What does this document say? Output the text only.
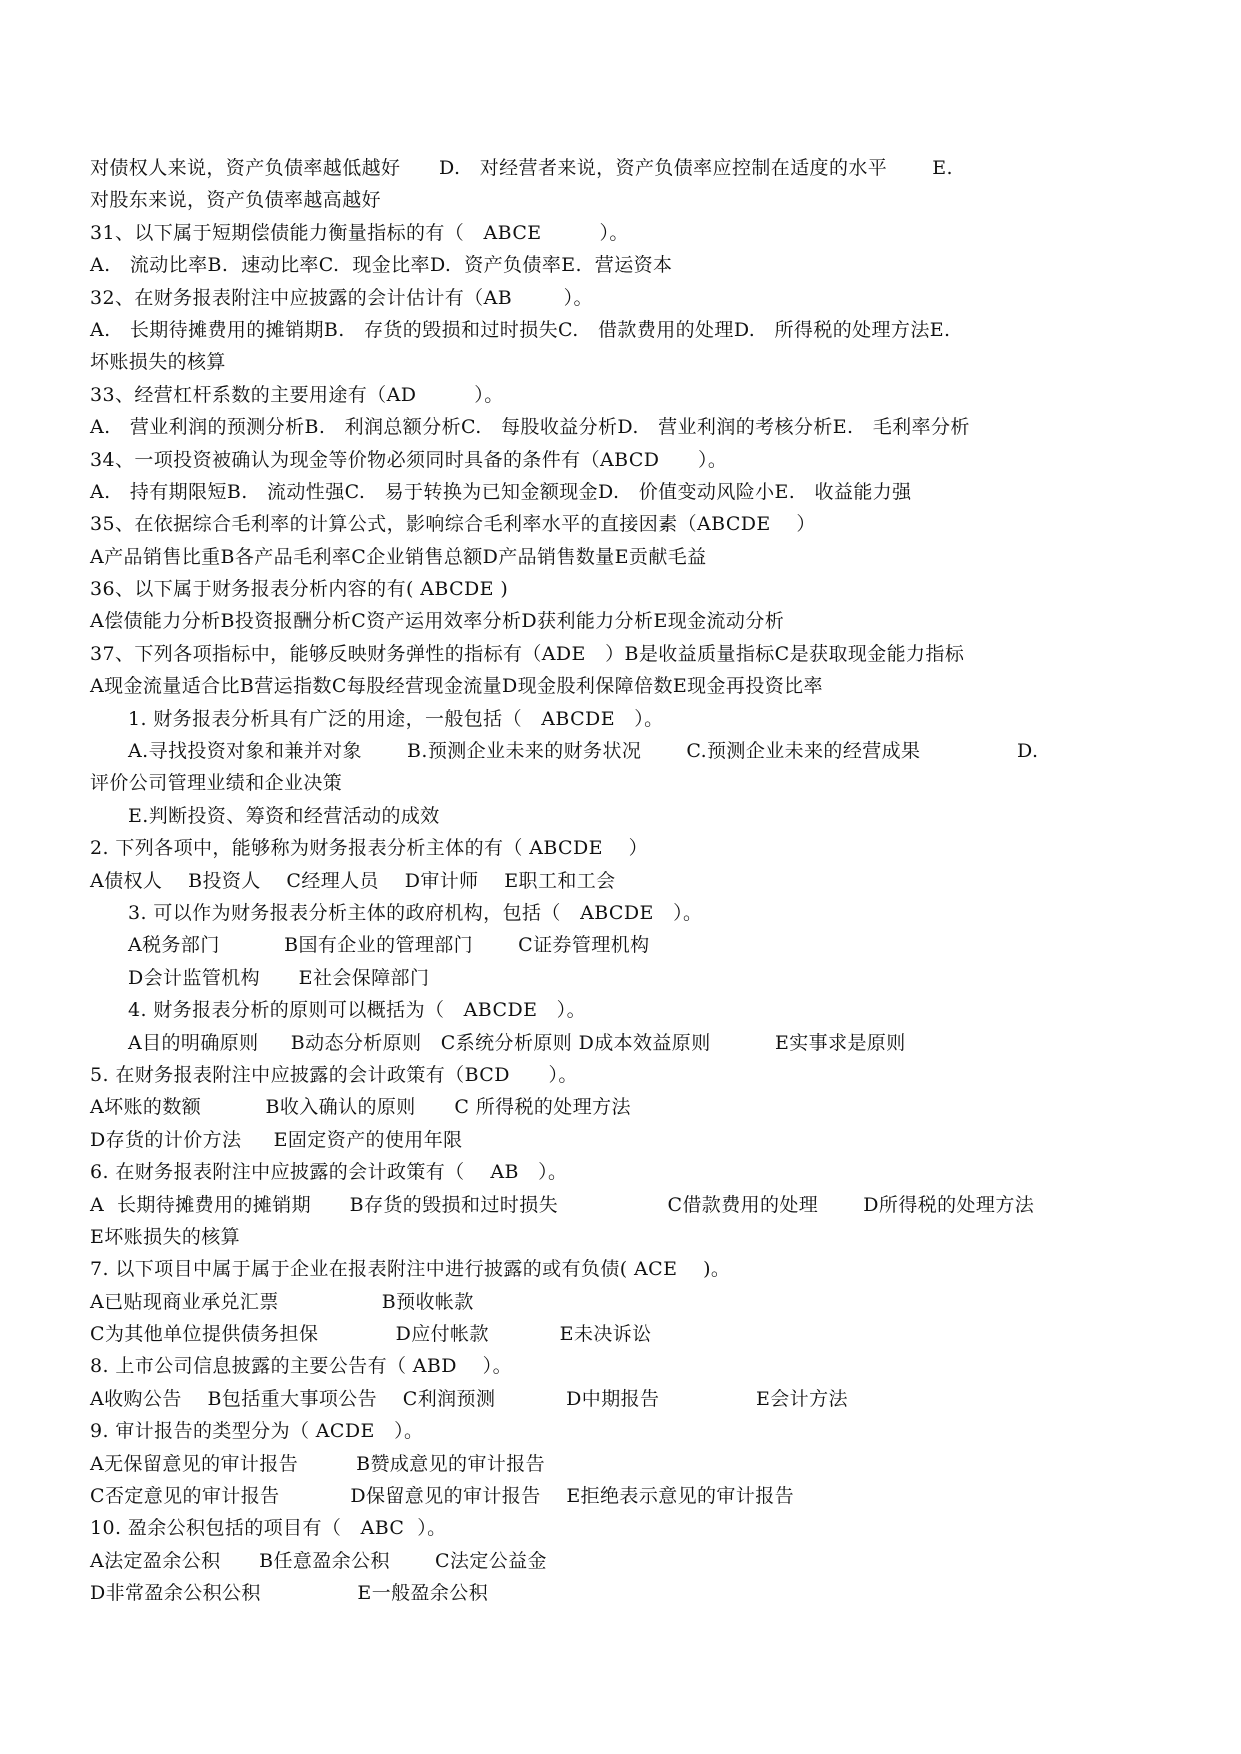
对债权人来说，资产负债率越低越好      D.   对经营者来说，资产负债率应控制在适度的水平       E.
对股东来说，资产负债率越高越好
31、以下属于短期偿债能力衡量指标的有（   ABCE         ）。
A.   流动比率B.  速动比率C.  现金比率D.  资产负债率E.  营运资本
32、在财务报表附注中应披露的会计估计有（AB        ）。
A.   长期待摊费用的摊销期B.   存货的毁损和过时损失C.   借款费用的处理D.   所得税的处理方法E.
坏账损失的核算
33、经营杠杆系数的主要用途有（AD         ）。
A.   营业利润的预测分析B.   利润总额分析C.   每股收益分析D.   营业利润的考核分析E.   毛利率分析
34、一项投资被确认为现金等价物必须同时具备的条件有（ABCD      ）。
A.   持有期限短B.   流动性强C.   易于转换为已知金额现金D.   价值变动风险小E.   收益能力强
35、在依据综合毛利率的计算公式，影响综合毛利率水平的直接因素（ABCDE    ）
A产品销售比重B各产品毛利率C企业销售总额D产品销售数量E贡献毛益
36、以下属于财务报表分析内容的有( ABCDE )
A偿债能力分析B投资报酬分析C资产运用效率分析D获利能力分析E现金流动分析
37、下列各项指标中，能够反映财务弹性的指标有（ADE   ）B是收益质量指标C是获取现金能力指标
A现金流量适合比B营运指数C每股经营现金流量D现金股利保障倍数E现金再投资比率
1. 财务报表分析具有广泛的用途，一般包括（   ABCDE   ）。
A.寻找投资对象和兼并对象       B.预测企业未来的财务状况       C.预测企业未来的经营成果               D.
评价公司管理业绩和企业决策
E.判断投资、筹资和经营活动的成效
2. 下列各项中，能够称为财务报表分析主体的有（ ABCDE    ）
A债权人    B投资人    C经理人员    D审计师    E职工和工会
3. 可以作为财务报表分析主体的政府机构，包括（   ABCDE   ）。
A税务部门          B国有企业的管理部门       C证券管理机构
D会计监管机构      E社会保障部门
4. 财务报表分析的原则可以概括为（   ABCDE   ）。
A目的明确原则     B动态分析原则   C系统分析原则 D成本效益原则          E实事求是原则
5. 在财务报表附注中应披露的会计政策有（BCD      ）。
A坏账的数额          B收入确认的原则      C 所得税的处理方法
D存货的计价方法     E固定资产的使用年限
6. 在财务报表附注中应披露的会计政策有（    AB   ）。
A  长期待摊费用的摊销期      B存货的毁损和过时损失                 C借款费用的处理       D所得税的处理方法
E坏账损失的核算
7. 以下项目中属于属于企业在报表附注中进行披露的或有负债( ACE    )。
A已贴现商业承兑汇票                B预收帐款
C为其他单位提供债务担保            D应付帐款           E未决诉讼
8. 上市公司信息披露的主要公告有（ ABD    ）。
A收购公告    B包括重大事项公告    C利润预测           D中期报告               E会计方法
9. 审计报告的类型分为（ ACDE   ）。
A无保留意见的审计报告         B赞成意见的审计报告
C否定意见的审计报告           D保留意见的审计报告    E拒绝表示意见的审计报告
10. 盈余公积包括的项目有（   ABC  ）。
A法定盈余公积      B任意盈余公积       C法定公益金
D非常盈余公积公积               E一般盈余公积
